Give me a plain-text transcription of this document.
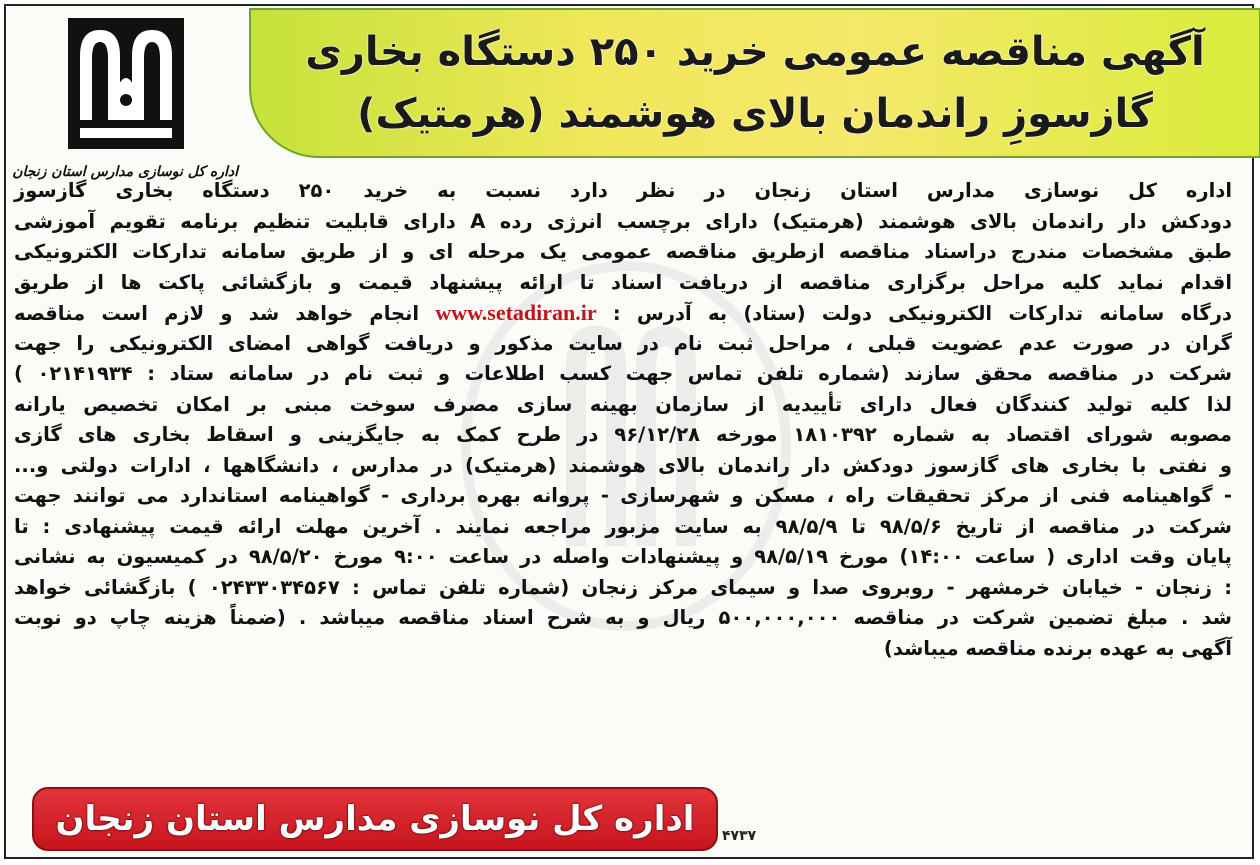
آگهی مناقصه عمومی خرید ۲۵۰ دستگاه بخاری
گازسوزِ راندمان بالای هوشمند (هرمتیک)
اداره کل نوسازی مدارس استان زنجان
اداره کل نوسازی مدارس استان زنجان در نظر دارد نسبت به خرید ۲۵۰ دستگاه بخاری گازسوز
دودکش دار راندمان بالای هوشمند (هرمتیک) دارای برچسب انرژی رده A دارای قابلیت تنظیم برنامه تقویم آموزشی
طبق مشخصات مندرج دراسناد مناقصه ازطریق مناقصه عمومی یک مرحله ای و از طریق سامانه تدارکات الکترونیکی
اقدام نماید کلیه مراحل برگزاری مناقصه از دریافت اسناد تا ارائه پیشنهاد قیمت و بازگشائی پاکت ها از طریق
درگاه سامانه تدارکات الکترونیکی دولت (ستاد) به آدرس : www.setadiran.ir انجام خواهد شد و لازم است مناقصه
گران در صورت عدم عضویت قبلی ، مراحل ثبت نام در سایت مذکور و دریافت گواهی امضای الکترونیکی را جهت
شرکت در مناقصه محقق سازند (شماره تلفن تماس جهت کسب اطلاعات و ثبت نام در سامانه ستاد : ۰۲۱۴۱۹۳۴ )
لذا کلیه تولید کنندگان فعال دارای تأییدیه از سازمان بهینه سازی مصرف سوخت مبنی بر امکان تخصیص یارانه
مصوبه شورای اقتصاد به شماره ۱۸۱۰۳۹۲ مورخه ۹۶/۱۲/۲۸ در طرح کمک به جایگزینی و اسقاط بخاری های گازی
و نفتی با بخاری های گازسوز دودکش دار راندمان بالای هوشمند (هرمتیک) در مدارس ، دانشگاهها ، ادارات دولتی و...
- گواهینامه فنی از مرکز تحقیقات راه ، مسکن و شهرسازی - پروانه بهره برداری - گواهینامه استاندارد می توانند جهت
شرکت در مناقصه از تاریخ ۹۸/۵/۶ تا ۹۸/۵/۹ به سایت مزبور مراجعه نمایند . آخرین مهلت ارائه قیمت پیشنهادی : تا
پایان وقت اداری ( ساعت ۱۴:۰۰) مورخ ۹۸/۵/۱۹ و پیشنهادات واصله در ساعت ۹:۰۰ مورخ ۹۸/۵/۲۰ در کمیسیون به نشانی
: زنجان - خیابان خرمشهر - روبروی صدا و سیمای مرکز زنجان (شماره تلفن تماس : ۰۲۴۳۳۰۳۴۵۶۷ ) بازگشائی خواهد
شد . مبلغ تضمین شرکت در مناقصه ۵۰۰,۰۰۰,۰۰۰ ریال و به شرح اسناد مناقصه میباشد . (ضمناً هزینه چاپ دو نوبت
آگهی به عهده برنده مناقصه میباشد)
اداره کل نوسازی مدارس استان زنجان ۴۷۳۷
